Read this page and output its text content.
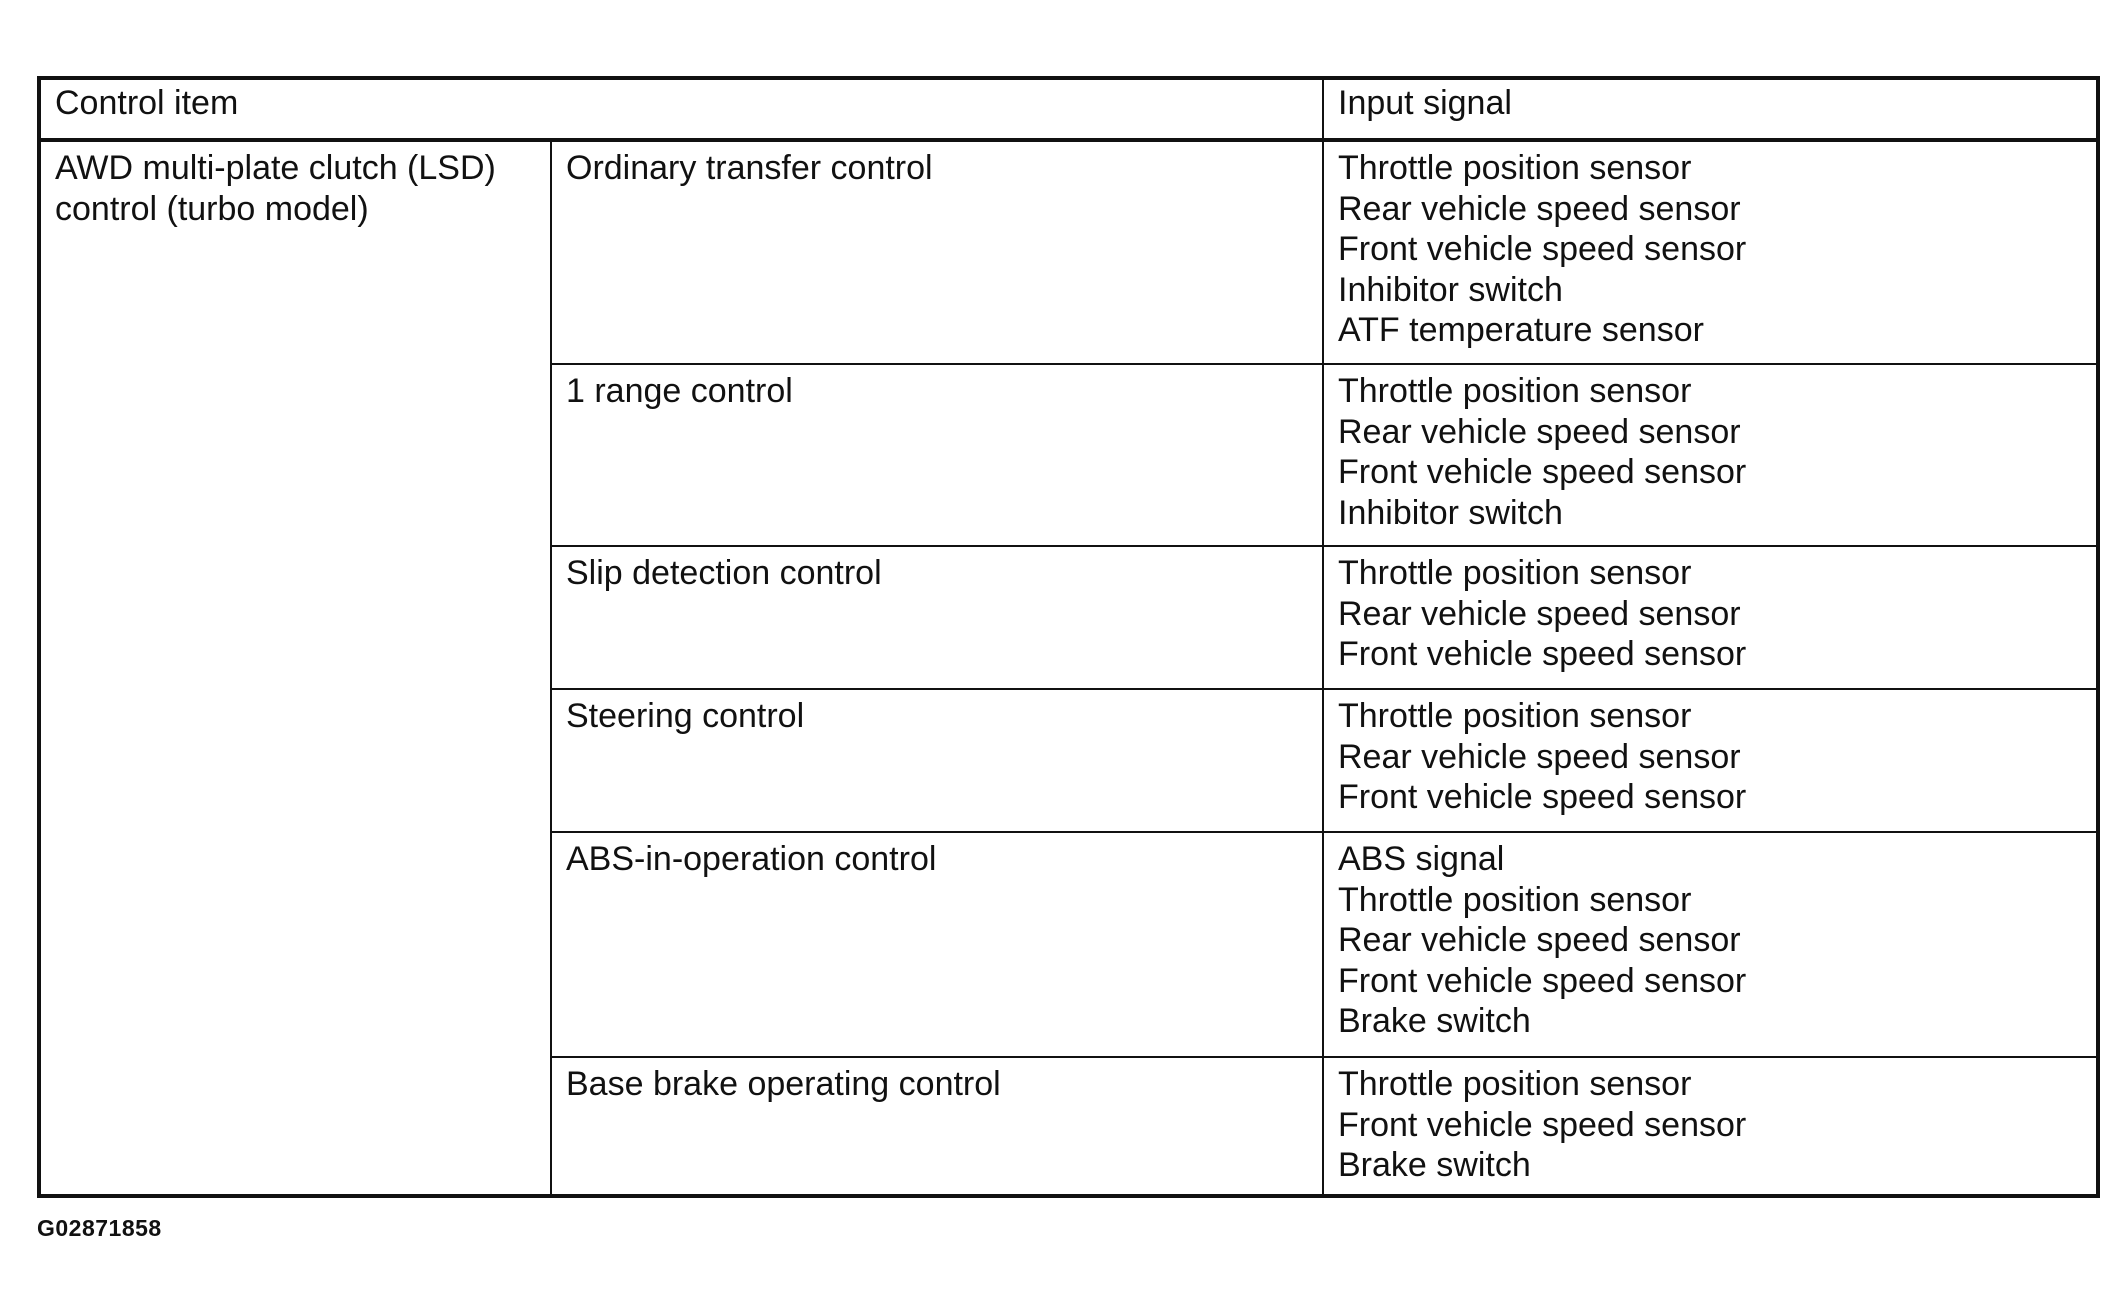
Control item		Input signal

AWD multi-plate clutch (LSD)
control (turbo model)	Ordinary transfer control	Throttle position sensor
Rear vehicle speed sensor
Front vehicle speed sensor
Inhibitor switch
ATF temperature sensor

	1 range control	Throttle position sensor
Rear vehicle speed sensor
Front vehicle speed sensor
Inhibitor switch

	Slip detection control	Throttle position sensor
Rear vehicle speed sensor
Front vehicle speed sensor

	Steering control	Throttle position sensor
Rear vehicle speed sensor
Front vehicle speed sensor

	ABS-in-operation control	ABS signal
Throttle position sensor
Rear vehicle speed sensor
Front vehicle speed sensor
Brake switch

	Base brake operating control	Throttle position sensor
Front vehicle speed sensor
Brake switch
G02871858
